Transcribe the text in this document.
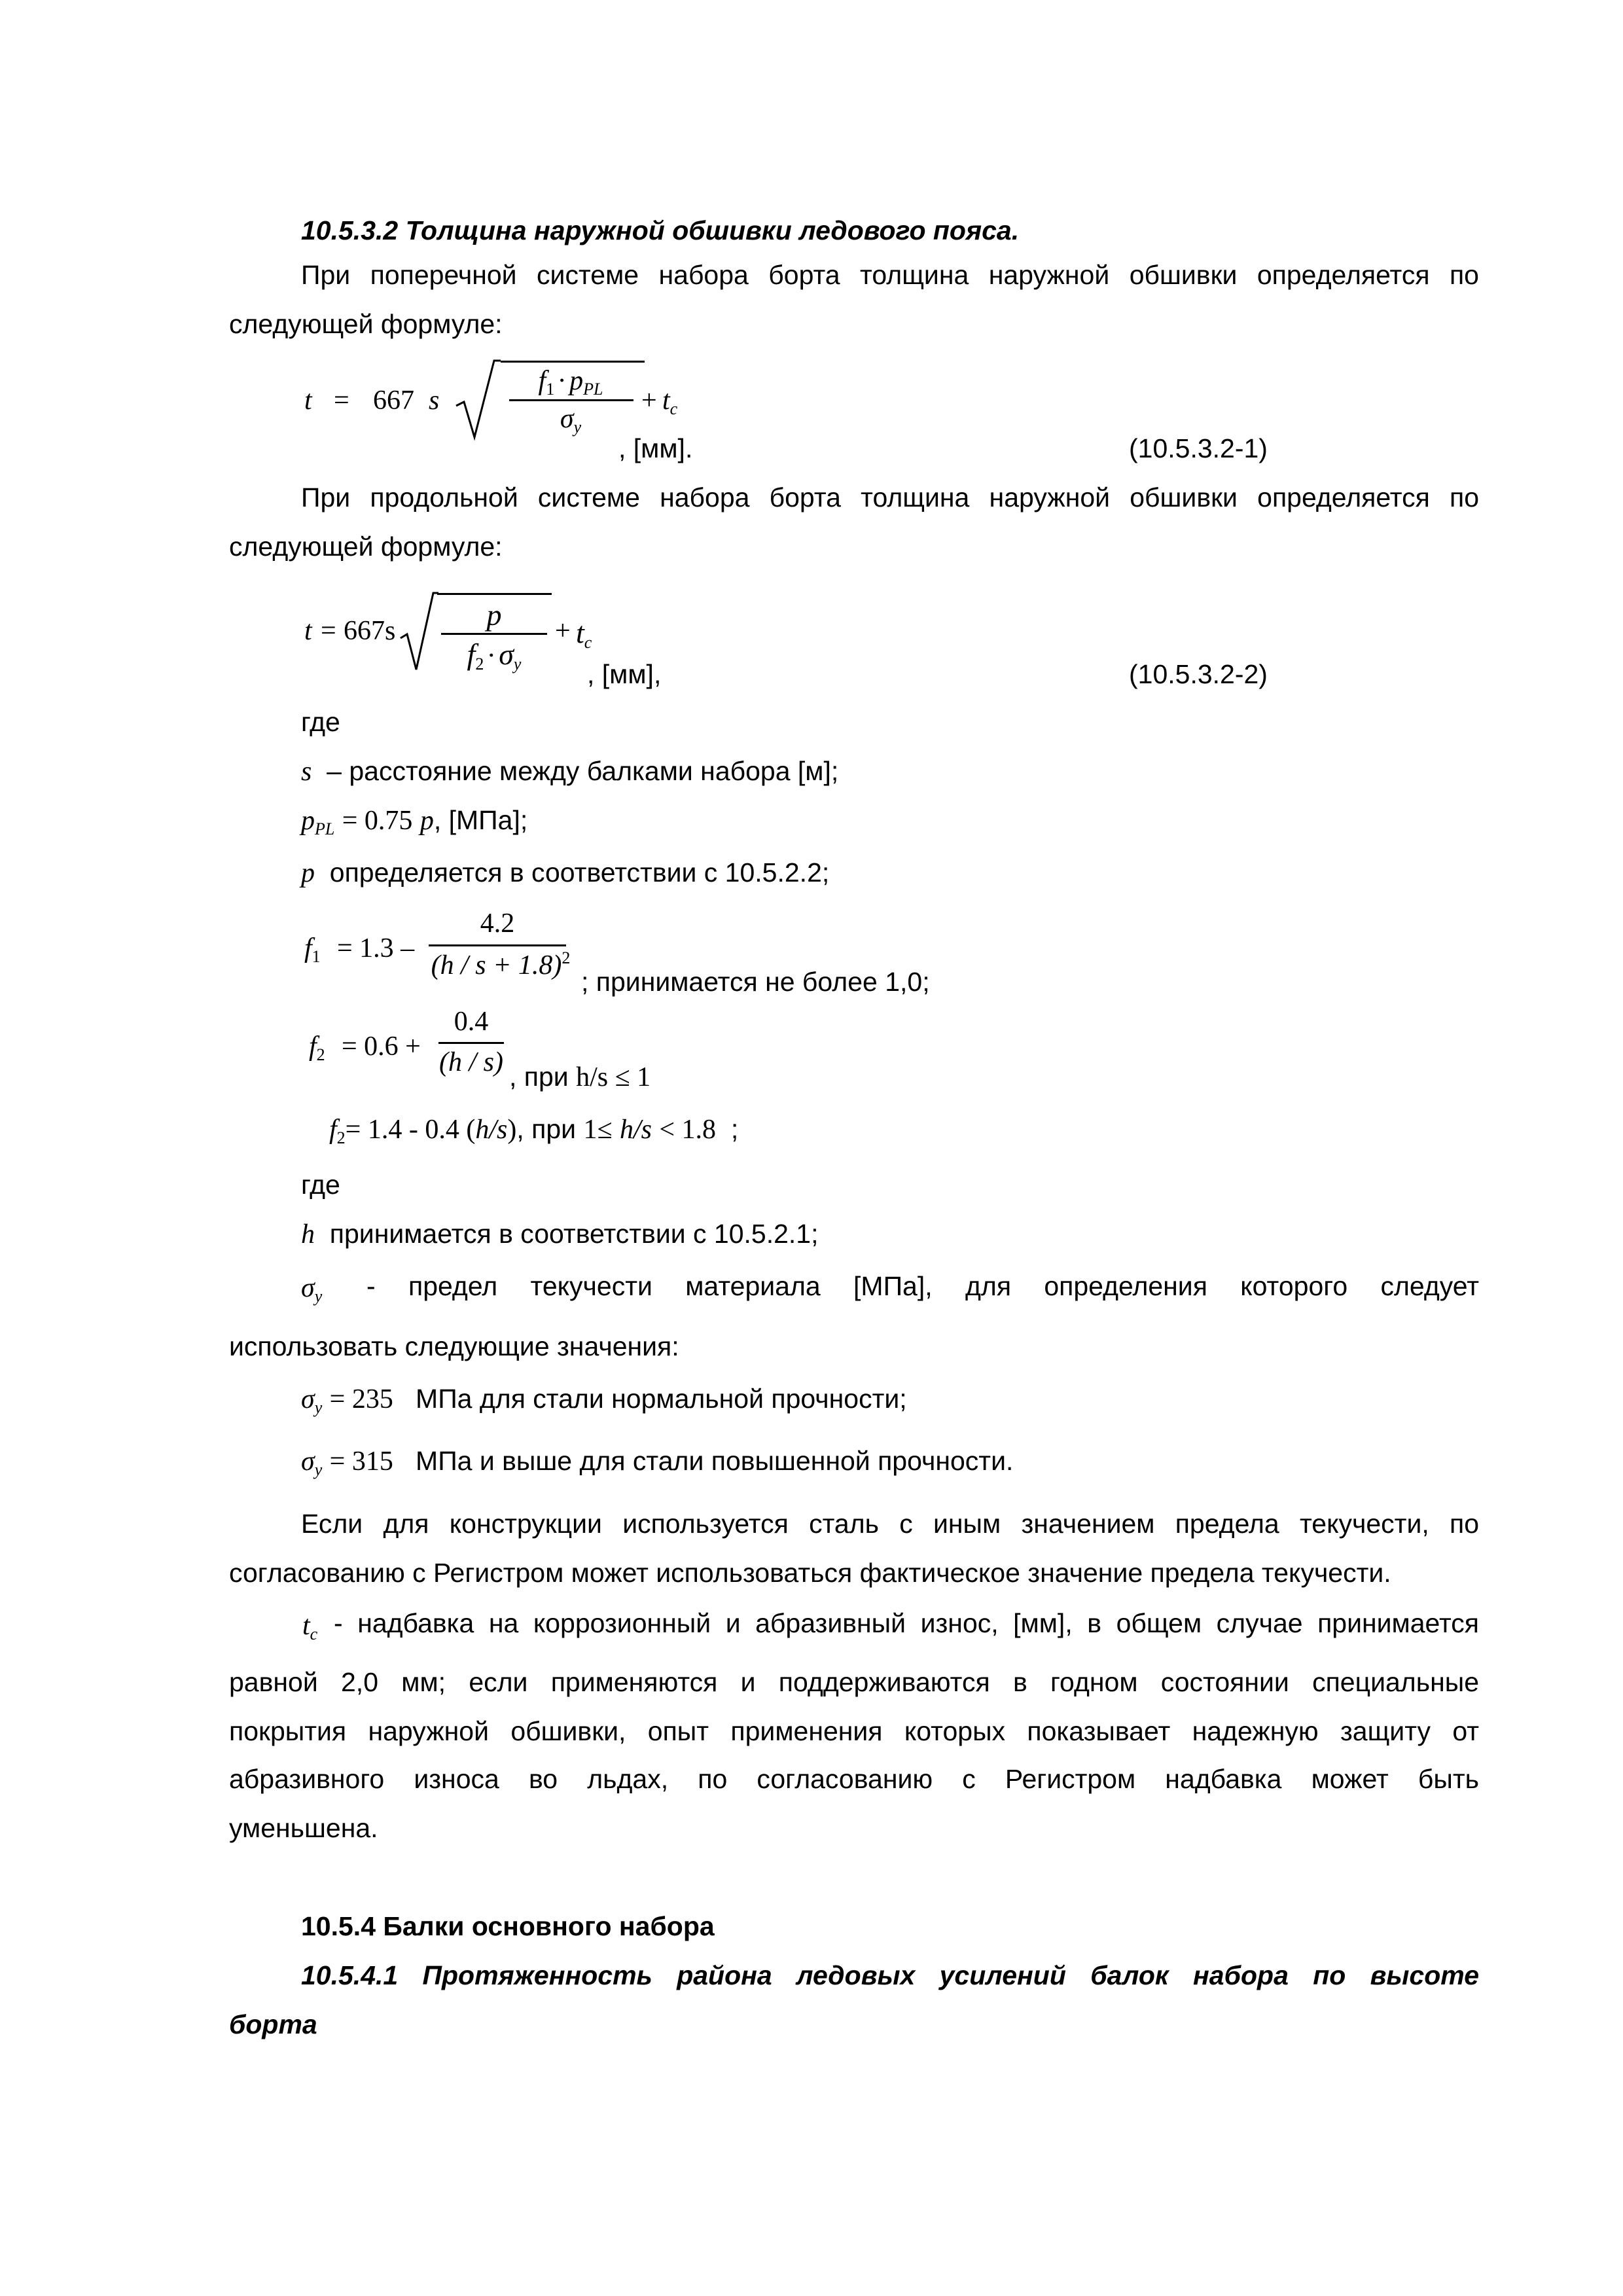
10.5.3.2 Толщина наружной обшивки ледового пояса.
При поперечной системе набора борта толщина наружной обшивки определяется по
следующей формуле:
t = 667 s
$f_1 \cdot p_{PL}$
$\sigma_y$
+ $t_c$
, [мм].	(10.5.3.2-1)
При продольной системе набора борта толщина наружной обшивки определяется по
следующей формуле:
t = 667s	p
$f_2 \cdot \sigma_y$
+ $t_c$
, [мм],	(10.5.3.2-2)
где
s – расстояние между балками набора [м];
$p_{PL} = 0.75$ p, [МПа];
p определяется в соответствии с 10.5.2.2;
$f_1 = 1.3$ –
4.2
$(h / s + 1.8)^2$
; принимается не более 1,0;
$f_2 = 0.6$ +
0.4
(h / s) , при h/s ≤ 1
$f_2= 1.4 - 0.4$ (h/s), при 1≤ h/s < 1.8 ;
где
h принимается в соответствии с 10.5.2.1;
$\sigma_y$ - предел текучести материала [МПа], для определения которого следует
использовать следующие значения:
$\sigma_y = 235$ МПа для стали нормальной прочности;
$\sigma_y = 315$ МПа и выше для стали повышенной прочности.
Если для конструкции используется сталь с иным значением предела текучести, по
согласованию с Регистром может использоваться фактическое значение предела текучести.
$t_c$ - надбавка на коррозионный и абразивный износ, [мм], в общем случае принимается
равной 2,0 мм; если применяются и поддерживаются в годном состоянии специальные
покрытия наружной обшивки, опыт применения которых показывает надежную защиту от
абразивного износа во льдах, по согласованию с Регистром надбавка может быть
уменьшена.
10.5.4 Балки основного набора
10.5.4.1 Протяженность района ледовых усилений балок набора по высоте
борта
